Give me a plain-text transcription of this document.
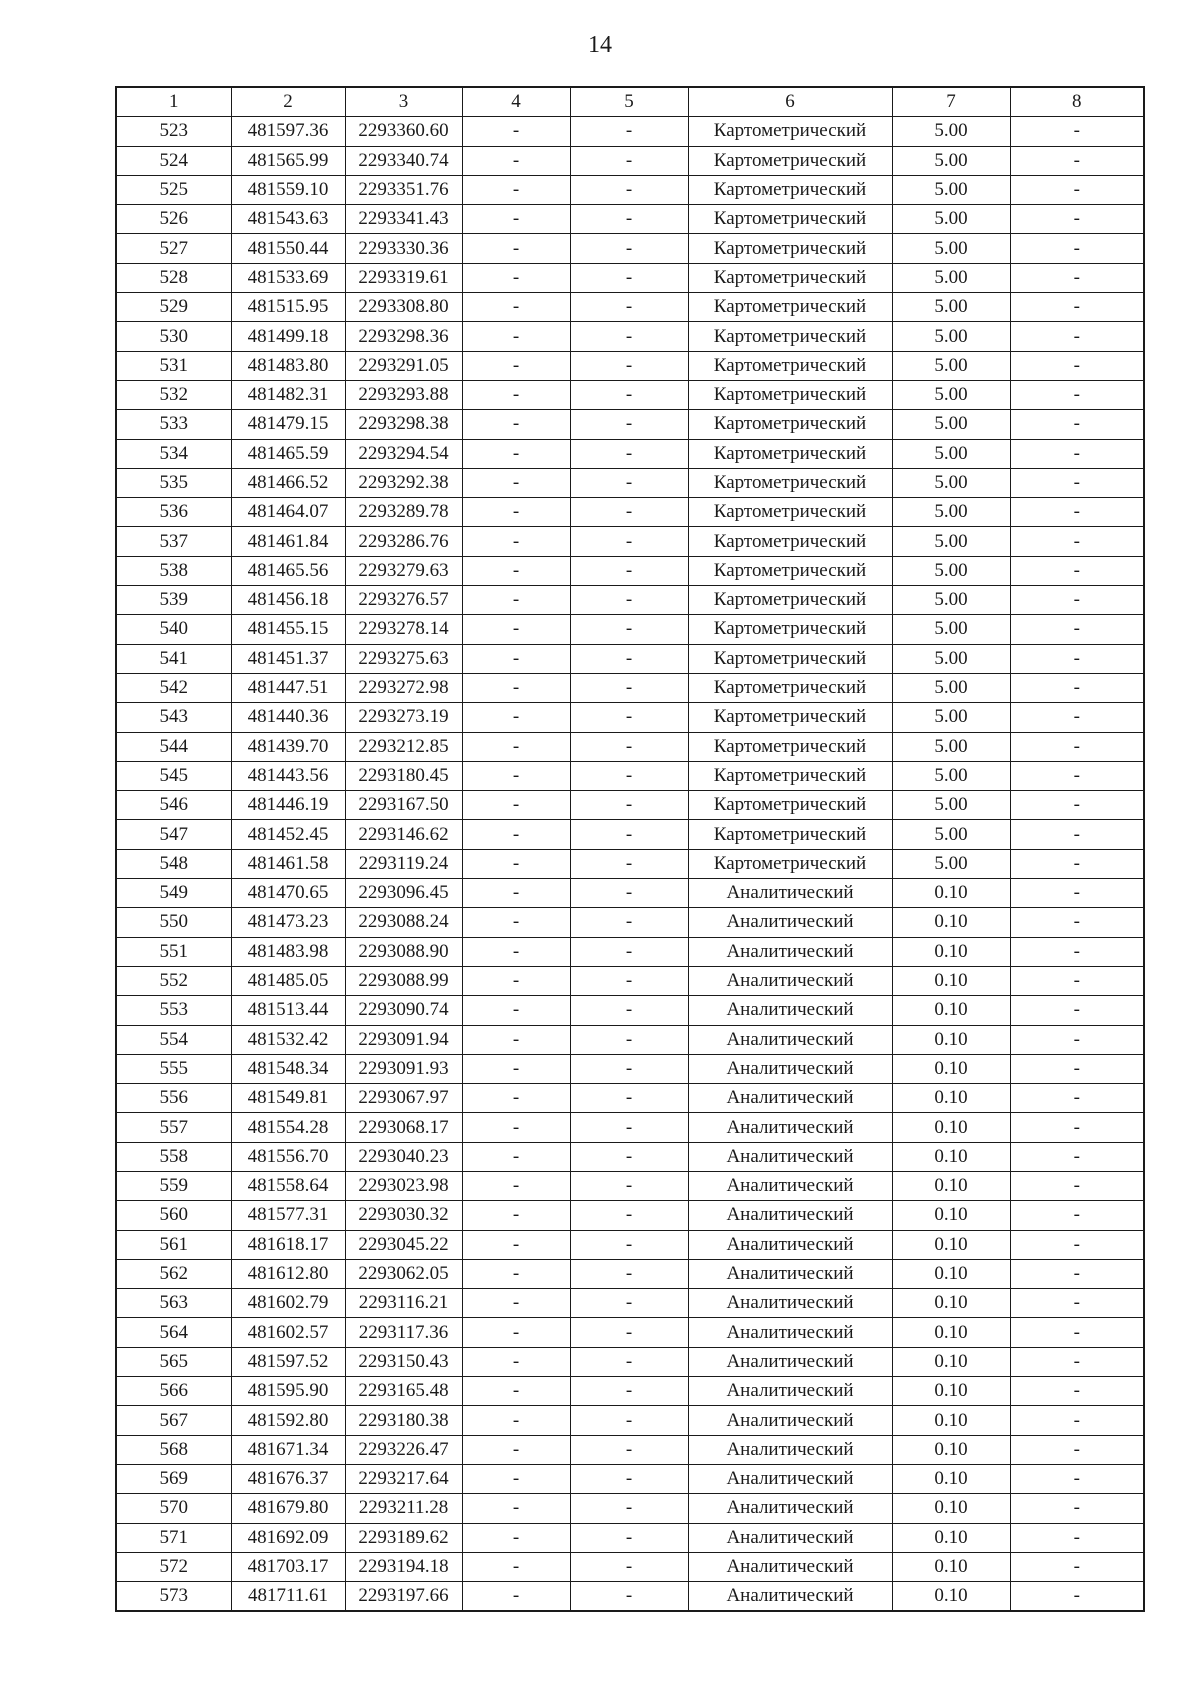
14
1	2	3	4	5	6	7	8
523	481597.36	2293360.60	-	-	Картометрический	5.00	-
524	481565.99	2293340.74	-	-	Картометрический	5.00	-
525	481559.10	2293351.76	-	-	Картометрический	5.00	-
526	481543.63	2293341.43	-	-	Картометрический	5.00	-
527	481550.44	2293330.36	-	-	Картометрический	5.00	-
528	481533.69	2293319.61	-	-	Картометрический	5.00	-
529	481515.95	2293308.80	-	-	Картометрический	5.00	-
530	481499.18	2293298.36	-	-	Картометрический	5.00	-
531	481483.80	2293291.05	-	-	Картометрический	5.00	-
532	481482.31	2293293.88	-	-	Картометрический	5.00	-
533	481479.15	2293298.38	-	-	Картометрический	5.00	-
534	481465.59	2293294.54	-	-	Картометрический	5.00	-
535	481466.52	2293292.38	-	-	Картометрический	5.00	-
536	481464.07	2293289.78	-	-	Картометрический	5.00	-
537	481461.84	2293286.76	-	-	Картометрический	5.00	-
538	481465.56	2293279.63	-	-	Картометрический	5.00	-
539	481456.18	2293276.57	-	-	Картометрический	5.00	-
540	481455.15	2293278.14	-	-	Картометрический	5.00	-
541	481451.37	2293275.63	-	-	Картометрический	5.00	-
542	481447.51	2293272.98	-	-	Картометрический	5.00	-
543	481440.36	2293273.19	-	-	Картометрический	5.00	-
544	481439.70	2293212.85	-	-	Картометрический	5.00	-
545	481443.56	2293180.45	-	-	Картометрический	5.00	-
546	481446.19	2293167.50	-	-	Картометрический	5.00	-
547	481452.45	2293146.62	-	-	Картометрический	5.00	-
548	481461.58	2293119.24	-	-	Картометрический	5.00	-
549	481470.65	2293096.45	-	-	Аналитический	0.10	-
550	481473.23	2293088.24	-	-	Аналитический	0.10	-
551	481483.98	2293088.90	-	-	Аналитический	0.10	-
552	481485.05	2293088.99	-	-	Аналитический	0.10	-
553	481513.44	2293090.74	-	-	Аналитический	0.10	-
554	481532.42	2293091.94	-	-	Аналитический	0.10	-
555	481548.34	2293091.93	-	-	Аналитический	0.10	-
556	481549.81	2293067.97	-	-	Аналитический	0.10	-
557	481554.28	2293068.17	-	-	Аналитический	0.10	-
558	481556.70	2293040.23	-	-	Аналитический	0.10	-
559	481558.64	2293023.98	-	-	Аналитический	0.10	-
560	481577.31	2293030.32	-	-	Аналитический	0.10	-
561	481618.17	2293045.22	-	-	Аналитический	0.10	-
562	481612.80	2293062.05	-	-	Аналитический	0.10	-
563	481602.79	2293116.21	-	-	Аналитический	0.10	-
564	481602.57	2293117.36	-	-	Аналитический	0.10	-
565	481597.52	2293150.43	-	-	Аналитический	0.10	-
566	481595.90	2293165.48	-	-	Аналитический	0.10	-
567	481592.80	2293180.38	-	-	Аналитический	0.10	-
568	481671.34	2293226.47	-	-	Аналитический	0.10	-
569	481676.37	2293217.64	-	-	Аналитический	0.10	-
570	481679.80	2293211.28	-	-	Аналитический	0.10	-
571	481692.09	2293189.62	-	-	Аналитический	0.10	-
572	481703.17	2293194.18	-	-	Аналитический	0.10	-
573	481711.61	2293197.66	-	-	Аналитический	0.10	-
